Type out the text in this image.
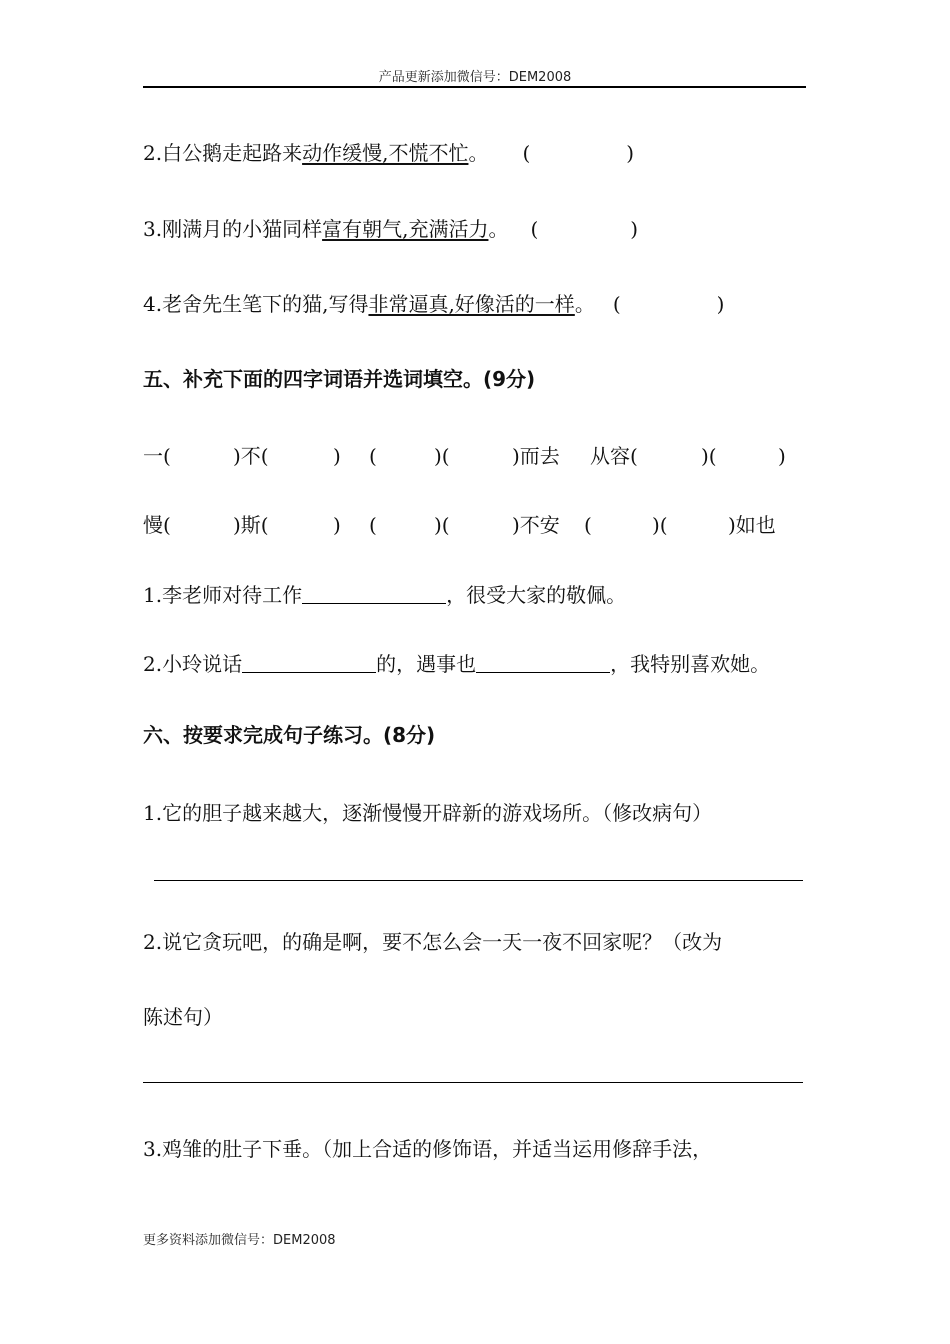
产品更新添加微信号：DEM2008
2.白公鹅走起路来动作缓慢,不慌不忙。 (	)
3.刚满月的小猫同样富有朝气,充满活力。 (	)
4.老舍先生笔下的猫,写得非常逼真,好像活的一样。 (	)
五、补充下面的四字词语并选词填空。(9分)
一(	)不(	) (	)(	)而去 从容(	)(	)
慢(	)斯(	) (	)(	)不安 (	)(	)如也
1.李老师对待工作	，很受大家的敬佩。
2.小玲说话	的，遇事也	，我特别喜欢她。
六、按要求完成句子练习。(8分)
1.它的胆子越来越大，逐渐慢慢开辟新的游戏场所。（修改病句）
2.说它贪玩吧，的确是啊，要不怎么会一天一夜不回家呢？（改为
陈述句）
3.鸡雏的肚子下垂。（加上合适的修饰语，并适当运用修辞手法，
更多资料添加微信号：DEM2008
